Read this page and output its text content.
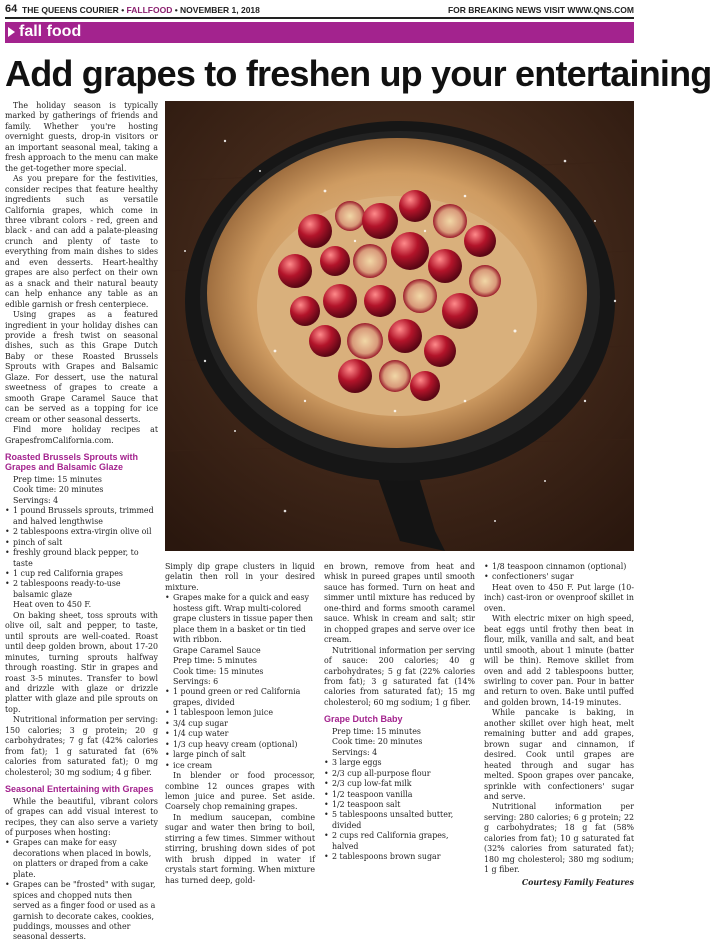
64 THE QUEENS COURIER • FALLFOOD • NOVEMBER 1, 2018	FOR BREAKING NEWS VISIT WWW.QNS.COM
fall food
Add grapes to freshen up your entertaining

The holiday season is typically marked by gatherings of friends and family. Whether you're hosting overnight guests, drop-in visitors or an important seasonal meal, taking a fresh approach to the menu can make the get-together more special.

As you prepare for the festivities, consider recipes that feature healthy ingredients such as versatile California grapes, which come in three vibrant colors - red, green and black - and can add a palate-pleasing crunch and plenty of taste to everything from main dishes to sides and even desserts. Heart-healthy grapes are also perfect on their own as a snack and their natural beauty can help enhance any table as an edible garnish or fresh centerpiece.

Using grapes as a featured ingredient in your holiday dishes can provide a fresh twist on seasonal dishes, such as this Grape Dutch Baby or these Roasted Brussels Sprouts with Grapes and Balsamic Glaze. For dessert, use the natural sweetness of grapes to create a smooth Grape Caramel Sauce that can be served as a topping for ice cream or other seasonal desserts.

Find more holiday recipes at GrapesfromCalifornia.com.

Roasted Brussels Sprouts with Grapes and Balsamic Glaze
Prep time: 15 minutes
Cook time: 20 minutes
Servings: 4
• 1 pound Brussels sprouts, trimmed and halved lengthwise
• 2 tablespoons extra-virgin olive oil
• pinch of salt
• freshly ground black pepper, to taste
• 1 cup red California grapes
• 2 tablespoons ready-to-use balsamic glaze
Heat oven to 450 F.

On baking sheet, toss sprouts with olive oil, salt and pepper, to taste, until sprouts are well-coated. Roast until deep golden brown, about 17-20 minutes, turning sprouts halfway through roasting. Stir in grapes and roast 3-5 minutes. Transfer to bowl and drizzle with glaze or drizzle platter with glaze and pile sprouts on top.

Nutritional information per serving: 150 calories; 3 g protein; 20 g carbohydrates; 7 g fat (42% calories from fat); 1 g saturated fat (6% calories from saturated fat); 0 mg cholesterol; 30 mg sodium; 4 g fiber.

Seasonal Entertaining with Grapes

While the beautiful, vibrant colors of grapes can add visual interest to recipes, they can also serve a variety of purposes when hosting:

• Grapes can make for easy decorations when placed in bowls, on platters or draped from a cake plate.
• Grapes can be "frosted" with sugar, spices and chopped nuts then served as a finger food or used as a garnish to decorate cakes, cookies, puddings, mousses and other seasonal desserts.

Simply dip grape clusters in liquid gelatin then roll in your desired mixture.

• Grapes make for a quick and easy hostess gift. Wrap multi-colored grape clusters in tissue paper then place them in a basket or tin tied with ribbon.
Grape Caramel Sauce
Prep time: 5 minutes
Cook time: 15 minutes
Servings: 6
• 1 pound green or red California grapes, divided
• 1 tablespoon lemon juice
• 3/4 cup sugar
• 1/4 cup water
• 1/3 cup heavy cream (optional)
• large pinch of salt
• ice cream

In blender or food processor, combine 12 ounces grapes with lemon juice and puree. Set aside. Coarsely chop remaining grapes.

In medium saucepan, combine sugar and water then bring to boil, stirring a few times. Simmer without stirring, brushing down sides of pot with brush dipped in water if crystals start forming. When mixture has turned deep, gold-

en brown, remove from heat and whisk in pureed grapes until smooth sauce has formed. Turn on heat and simmer until mixture has reduced by one-third and forms smooth caramel sauce. Whisk in cream and salt; stir in chopped grapes and serve over ice cream.

Nutritional information per serving of sauce: 200 calories; 40 g carbohydrates; 5 g fat (22% calories from fat); 3 g saturated fat (14% calories from saturated fat); 15 mg cholesterol; 60 mg sodium; 1 g fiber.

Grape Dutch Baby
Prep time: 15 minutes
Cook time: 20 minutes
Servings: 4
• 3 large eggs
• 2/3 cup all-purpose flour
• 2/3 cup low-fat milk
• 1/2 teaspoon vanilla
• 1/2 teaspoon salt
• 5 tablespoons unsalted butter, divided
• 2 cups red California grapes, halved
• 2 tablespoons brown sugar
• 1/8 teaspoon cinnamon (optional)
• confectioners' sugar

Heat oven to 450 F. Put large (10-inch) cast-iron or ovenproof skillet in oven.

With electric mixer on high speed, beat eggs until frothy then beat in flour, milk, vanilla and salt, and beat until smooth, about 1 minute (batter will be thin). Remove skillet from oven and add 2 tablespoons butter, swirling to cover pan. Pour in batter and return to oven. Bake until puffed and golden brown, 14-19 minutes.

While pancake is baking, in another skillet over high heat, melt remaining butter and add grapes, brown sugar and cinnamon, if desired. Cook until grapes are heated through and sugar has melted. Spoon grapes over pancake, sprinkle with confectioners' sugar and serve.

Nutritional information per serving: 280 calories; 6 g protein; 22 g carbohydrates; 18 g fat (58% calories from fat); 10 g saturated fat (32% calories from saturated fat); 180 mg cholesterol; 380 mg sodium; 1 g fiber.

Courtesy Family Features
